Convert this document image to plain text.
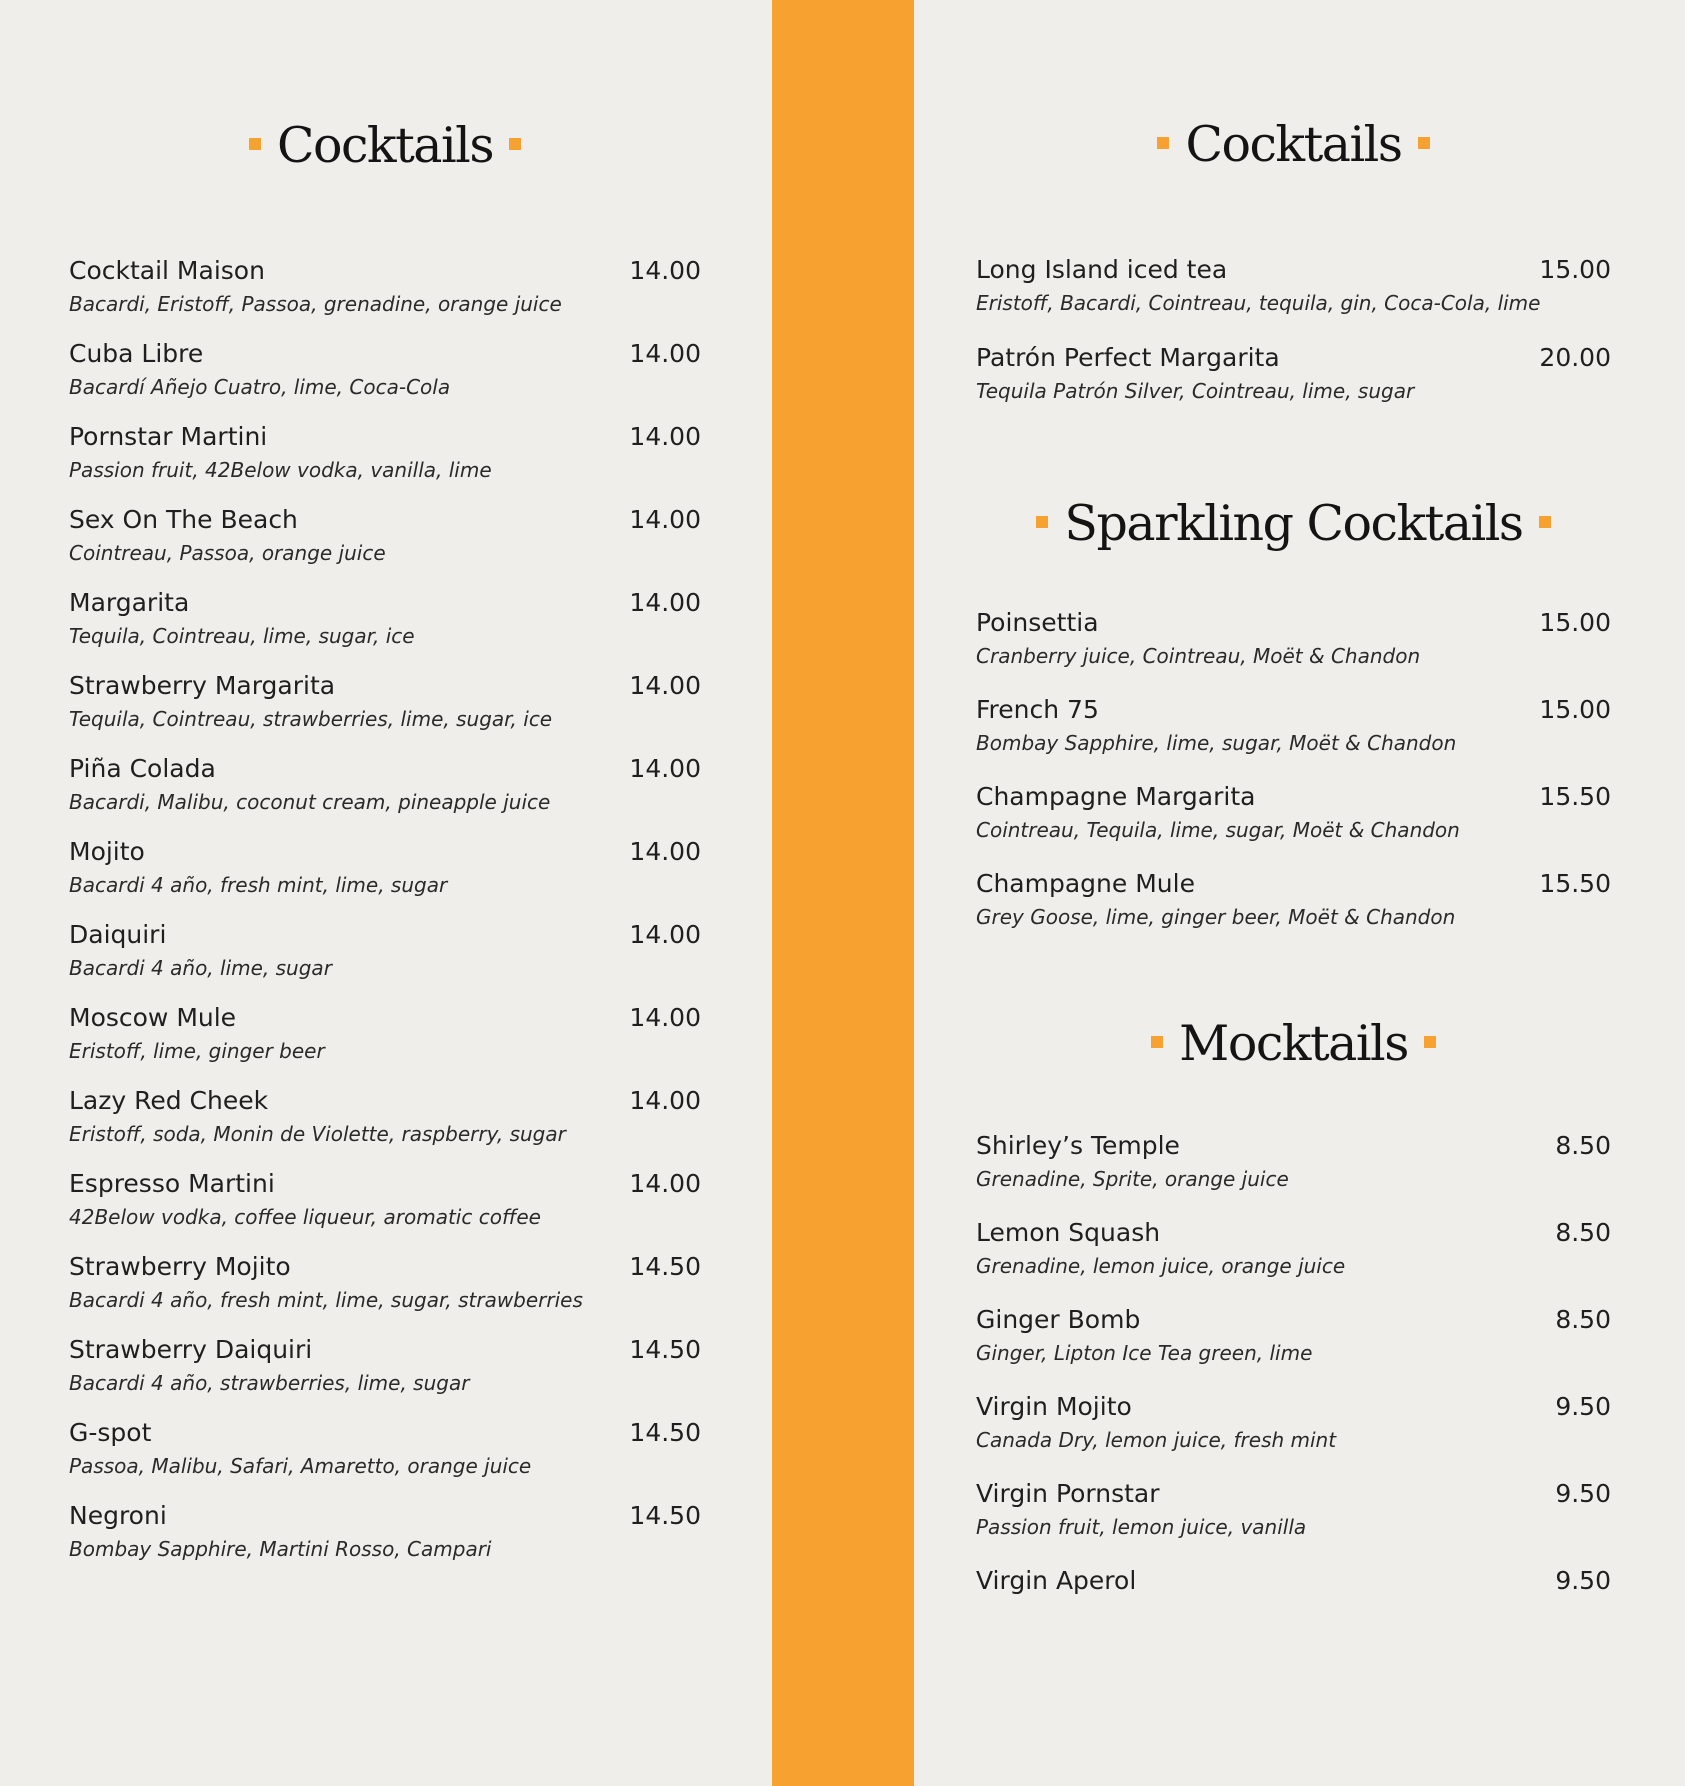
Cocktails
Cocktail Maison	14.00
Bacardi, Eristoff, Passoa, grenadine, orange juice
Cuba Libre	14.00
Bacardí Añejo Cuatro, lime, Coca-Cola
Pornstar Martini	14.00
Passion fruit, 42Below vodka, vanilla, lime
Sex On The Beach	14.00
Cointreau, Passoa, orange juice
Margarita	14.00
Tequila, Cointreau, lime, sugar, ice
Strawberry Margarita	14.00
Tequila, Cointreau, strawberries, lime, sugar, ice
Piña Colada	14.00
Bacardi, Malibu, coconut cream, pineapple juice
Mojito	14.00
Bacardi 4 año, fresh mint, lime, sugar
Daiquiri	14.00
Bacardi 4 año, lime, sugar
Moscow Mule	14.00
Eristoff, lime, ginger beer
Lazy Red Cheek	14.00
Eristoff, soda, Monin de Violette, raspberry, sugar
Espresso Martini	14.00
42Below vodka, coffee liqueur, aromatic coffee
Strawberry Mojito	14.50
Bacardi 4 año, fresh mint, lime, sugar, strawberries
Strawberry Daiquiri	14.50
Bacardi 4 año, strawberries, lime, sugar
G-spot	14.50
Passoa, Malibu, Safari, Amaretto, orange juice
Negroni	14.50
Bombay Sapphire, Martini Rosso, Campari
Cocktails
Long Island iced tea	15.00
Eristoff, Bacardi, Cointreau, tequila, gin, Coca-Cola, lime
Patrón Perfect Margarita	20.00
Tequila Patrón Silver, Cointreau, lime, sugar
Sparkling Cocktails
Poinsettia	15.00
Cranberry juice, Cointreau, Moët & Chandon
French 75	15.00
Bombay Sapphire, lime, sugar, Moët & Chandon
Champagne Margarita	15.50
Cointreau, Tequila, lime, sugar, Moët & Chandon
Champagne Mule	15.50
Grey Goose, lime, ginger beer, Moët & Chandon
Mocktails
Shirley’s Temple	8.50
Grenadine, Sprite, orange juice
Lemon Squash	8.50
Grenadine, lemon juice, orange juice
Ginger Bomb	8.50
Ginger, Lipton Ice Tea green, lime
Virgin Mojito	9.50
Canada Dry, lemon juice, fresh mint
Virgin Pornstar	9.50
Passion fruit, lemon juice, vanilla
Virgin Aperol	9.50
